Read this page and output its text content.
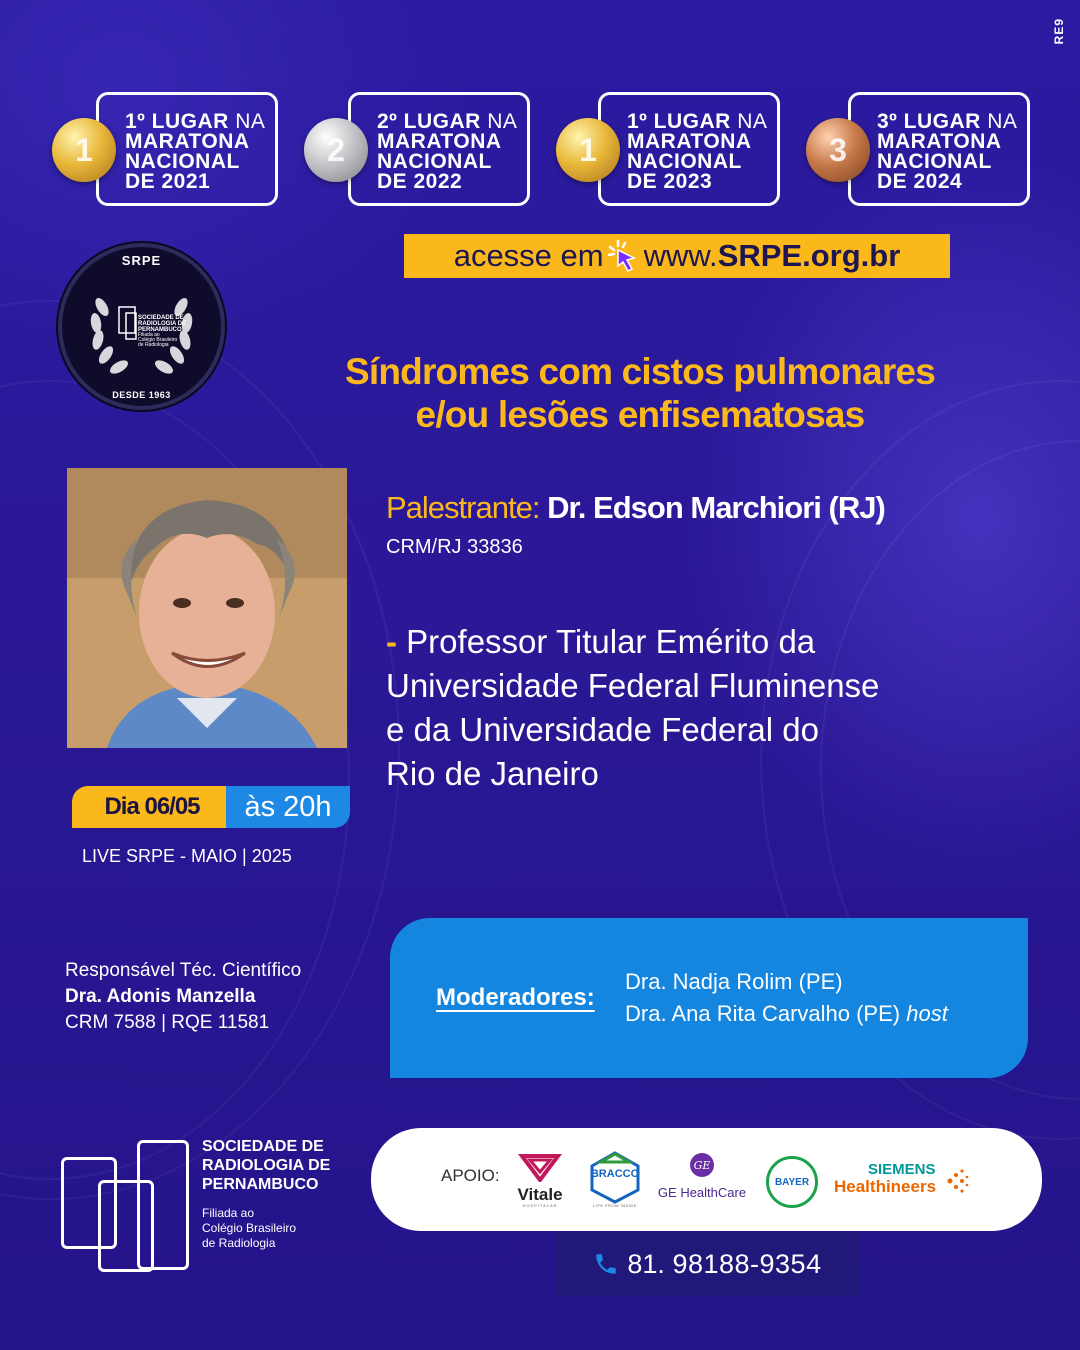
RE9
1º LUGAR NA
MARATONA
NACIONAL
DE 2021
1
2º LUGAR NA
MARATONA
NACIONAL
DE 2022
2
1º LUGAR NA
MARATONA
NACIONAL
DE 2023
1
3º LUGAR NA
MARATONA
NACIONAL
DE 2024
3
acesse em www. SRPE.org.br
SRPE
SOCIEDADE DE
RADIOLOGIA DE
PERNAMBUCO
Filiada ao
Colégio Brasileiro
de Radiologia
DESDE 1963
Síndromes com cistos pulmonares
e/ou lesões enfisematosas
Palestrante: Dr. Edson Marchiori (RJ)
CRM/RJ 33836
- Professor Titular Emérito da
Universidade Federal Fluminense
e da Universidade Federal do
Rio de Janeiro
Dia 06/05	às 20h
LIVE SRPE - MAIO | 2025
Responsável Téc. Científico
Dra. Adonis Manzella
CRM 7588 | RQE 11581
Moderadores:
Dra. Nadja Rolim (PE)
Dra. Ana Rita Carvalho (PE) host
SOCIEDADE DE
RADIOLOGIA DE
PERNAMBUCO
Filiada ao
Colégio Brasileiro
de Radiologia
APOIO:
Vitale
HOSPITALAR
BRACCO
LIFE FROM INSIDE
GE
GE HealthCare
BAYER
SIEMENS
Healthineers
81. 98188-9354
